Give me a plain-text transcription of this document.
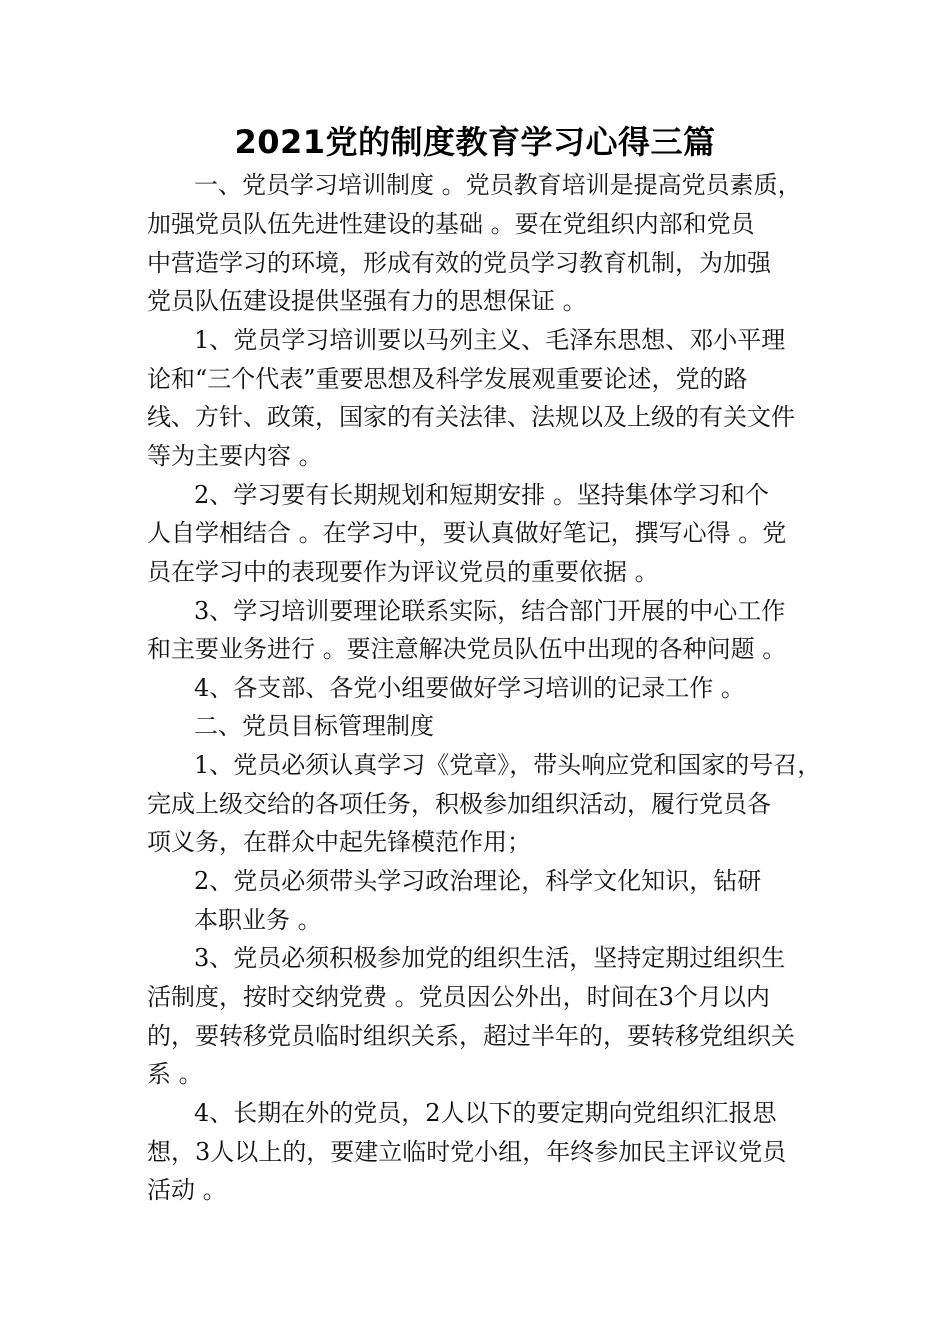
2021党的制度教育学习心得三篇
一、党员学习培训制度 。党员教育培训是提高党员素质，
加强党员队伍先进性建设的基础 。要在党组织内部和党员
中营造学习的环境，形成有效的党员学习教育机制，为加强
党员队伍建设提供坚强有力的思想保证 。
1、党员学习培训要以马列主义、毛泽东思想、邓小平理
论和“三个代表”重要思想及科学发展观重要论述，党的路
线、方针、政策，国家的有关法律、法规以及上级的有关文件
等为主要内容 。
2、学习要有长期规划和短期安排 。坚持集体学习和个
人自学相结合 。在学习中，要认真做好笔记，撰写心得 。党
员在学习中的表现要作为评议党员的重要依据 。
3、学习培训要理论联系实际，结合部门开展的中心工作
和主要业务进行 。要注意解决党员队伍中出现的各种问题 。
4、各支部、各党小组要做好学习培训的记录工作 。
二、党员目标管理制度
1、党员必须认真学习《党章》，带头响应党和国家的号召，
完成上级交给的各项任务，积极参加组织活动，履行党员各
项义务，在群众中起先锋模范作用；
2、党员必须带头学习政治理论，科学文化知识，钻研
本职业务 。
3、党员必须积极参加党的组织生活，坚持定期过组织生
活制度，按时交纳党费 。党员因公外出，时间在3个月以内
的，要转移党员临时组织关系，超过半年的，要转移党组织关
系 。
4、长期在外的党员，2人以下的要定期向党组织汇报思
想，3人以上的，要建立临时党小组，年终参加民主评议党员
活动 。
